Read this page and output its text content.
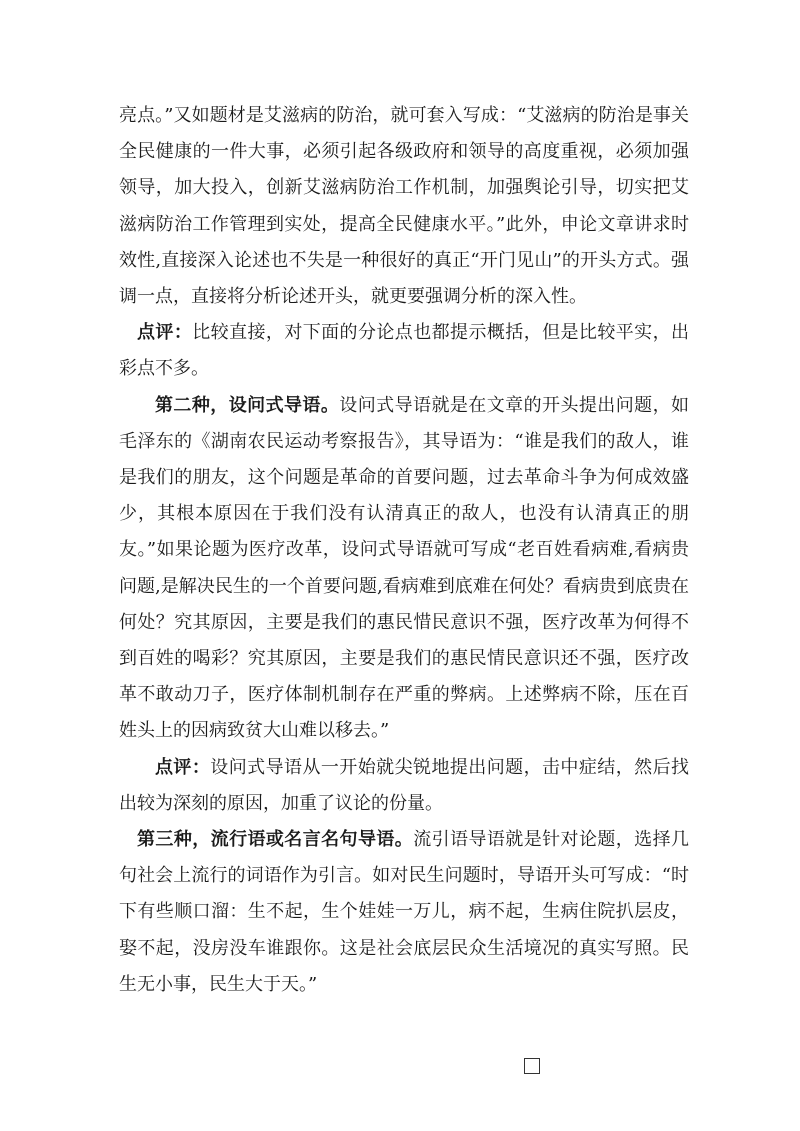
亮点。”又如题材是艾滋病的防治，就可套入写成：“艾滋病的防治是事关全民健康的一件大事，必须引起各级政府和领导的高度重视，必须加强领导，加大投入，创新艾滋病防治工作机制，加强舆论引导，切实把艾滋病防治工作管理到实处，提高全民健康水平。”此外，申论文章讲求时效性,直接深入论述也不失是一种很好的真正“开门见山”的开头方式。强调一点，直接将分析论述开头，就更要强调分析的深入性。

点评：比较直接，对下面的分论点也都提示概括，但是比较平实，出彩点不多。

第二种，设问式导语。设问式导语就是在文章的开头提出问题，如毛泽东的《湖南农民运动考察报告》，其导语为：“谁是我们的敌人，谁是我们的朋友，这个问题是革命的首要问题，过去革命斗争为何成效盛少，其根本原因在于我们没有认清真正的敌人，也没有认清真正的朋友。”如果论题为医疗改革，设问式导语就可写成“老百姓看病难,看病贵问题,是解决民生的一个首要问题,看病难到底难在何处？看病贵到底贵在何处？究其原因，主要是我们的惠民惜民意识不强，医疗改革为何得不到百姓的喝彩？究其原因，主要是我们的惠民情民意识还不强，医疗改革不敢动刀子，医疗体制机制存在严重的弊病。上述弊病不除，压在百姓头上的因病致贫大山难以移去。”

点评：设问式导语从一开始就尖锐地提出问题，击中症结，然后找出较为深刻的原因，加重了议论的份量。

第三种，流行语或名言名句导语。流引语导语就是针对论题，选择几句社会上流行的词语作为引言。如对民生问题时，导语开头可写成：“时下有些顺口溜：生不起，生个娃娃一万儿，病不起，生病住院扒层皮，娶不起，没房没车谁跟你。这是社会底层民众生活境况的真实写照。民生无小事，民生大于天。”
